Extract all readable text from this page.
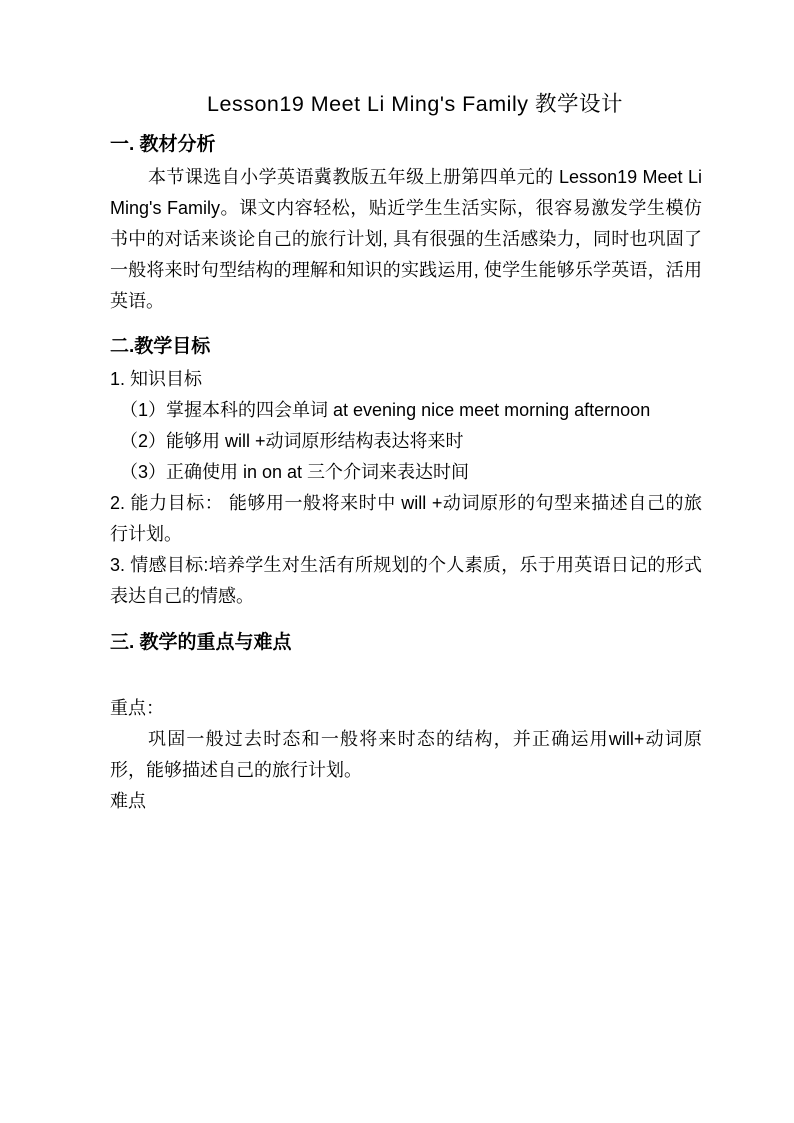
Lesson19 Meet Li Ming's Family 教学设计
一. 教材分析
本节课选自小学英语冀教版五年级上册第四单元的 Lesson19 Meet Li Ming's Family。课文内容轻松，贴近学生生活实际，很容易激发学生模仿书中的对话来谈论自己的旅行计划, 具有很强的生活感染力，同时也巩固了一般将来时句型结构的理解和知识的实践运用, 使学生能够乐学英语，活用英语。
二.教学目标
1. 知识目标
（1）掌握本科的四会单词 at evening nice meet morning afternoon
（2）能够用 will +动词原形结构表达将来时
（3）正确使用 in on at 三个介词来表达时间
2. 能力目标： 能够用一般将来时中 will +动词原形的句型来描述自己的旅行计划。
3. 情感目标:培养学生对生活有所规划的个人素质，乐于用英语日记的形式表达自己的情感。
三. 教学的重点与难点
重点：
巩固一般过去时态和一般将来时态的结构，并正确运用will+动词原形，能够描述自己的旅行计划。
难点
